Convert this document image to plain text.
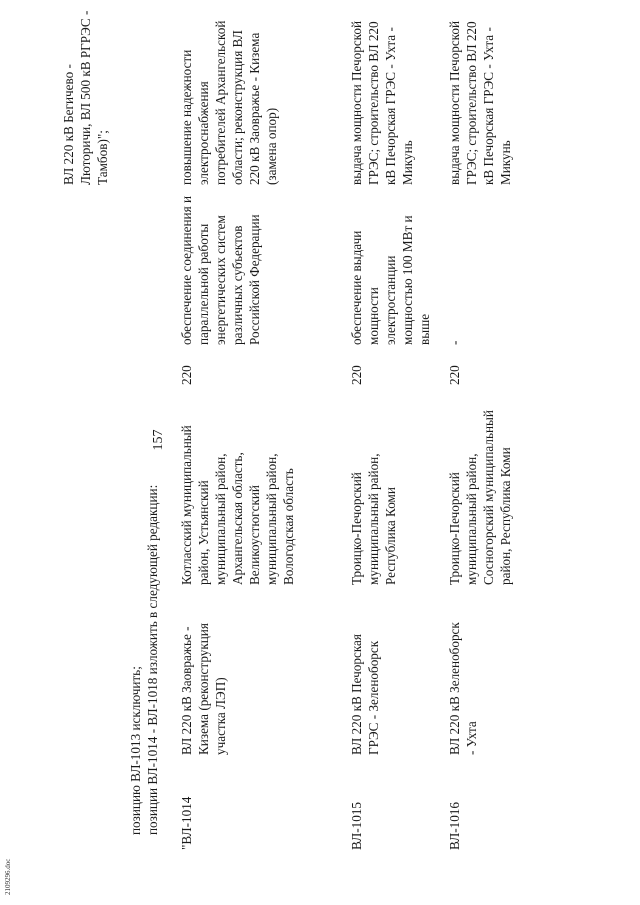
2109296.doc
ВЛ 220 кВ Бегичево - Люторичи, ВЛ 500 кВ РГРЭС - Тамбов)";
157
позицию ВЛ-1013 исключить; позиции ВЛ-1014 - ВЛ-1018 изложить в следующей редакции: "ВЛ-1014
ВЛ 220 кВ Заовражье - Кизема (реконструкция участка ЛЭП)
Котласский муниципальный район, Устьянский муниципальный район, Архангельская область, Великоустюгский муниципальный район, Вологодская область
220
обеспечение соединения и параллельной работы энергетических систем различных субъектов Российской Федерации
повышение надежности электроснабжения потребителей Архангельской области; реконструкция ВЛ 220 кВ Заовражье - Кизема (замена опор)
ВЛ-1015
ВЛ 220 кВ Печорская ГРЭС - Зеленоборск
Троицко-Печорский муниципальный район, Республика Коми
220
обеспечение выдачи мощности электростанции мощностью 100 МВт и выше
выдача мощности Печорской ГРЭС; строительство ВЛ 220 кВ Печорская ГРЭС - Ухта - Микунь
ВЛ-1016
ВЛ 220 кВ Зеленоборск - Ухта
Троицко-Печорский муниципальный район, Сосногорский муниципальный район, Республика Коми
220
-
выдача мощности Печорской ГРЭС; строительство ВЛ 220 кВ Печорская ГРЭС - Ухта - Микунь
